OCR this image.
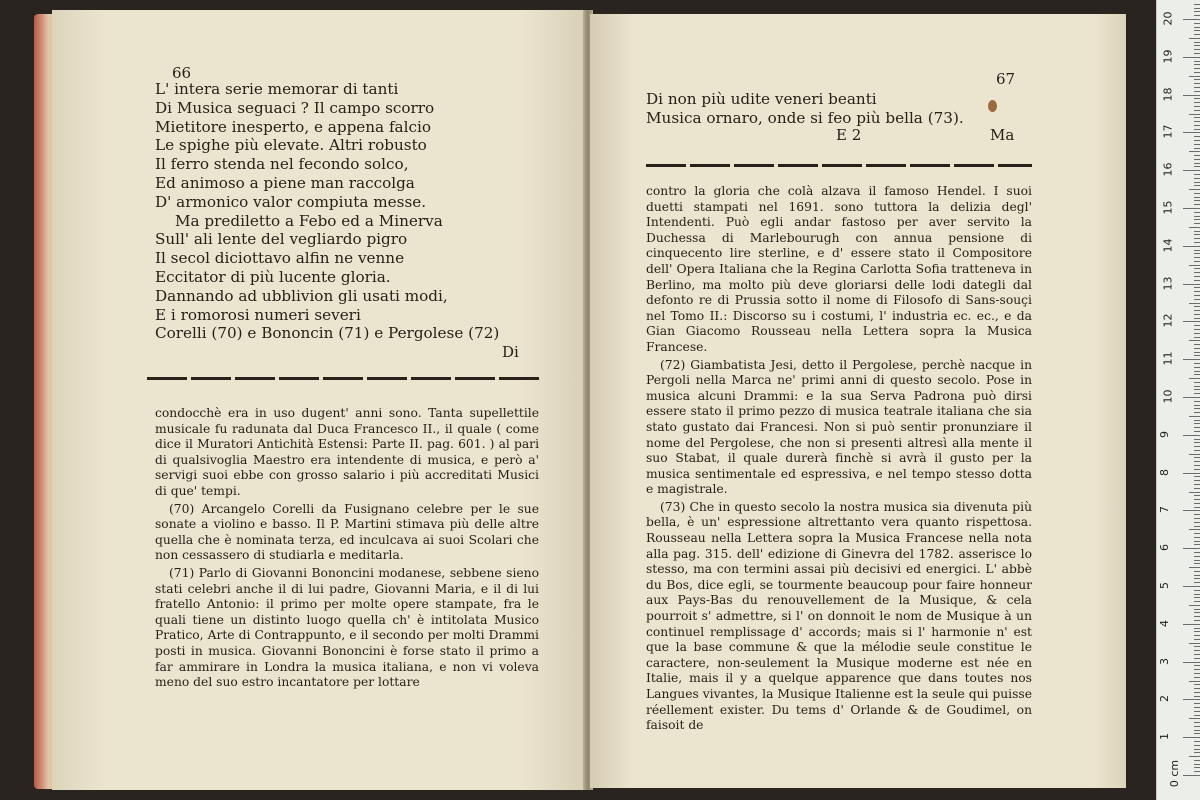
66
L' intera serie memorar di tanti
Di Musica seguaci ? Il campo scorro
Mietitore inesperto, e appena falcio
Le spighe più elevate. Altri robusto
Il ferro stenda nel fecondo solco,
Ed animoso a piene man raccolga
D' armonico valor compiuta messe.
Ma prediletto a Febo ed a Minerva
Sull' ali lente del vegliardo pigro
Il secol diciottavo alfin ne venne
Eccitator di più lucente gloria.
Dannando ad ubblivion gli usati modi,
E i romorosi numeri severi
Corelli (70) e Bononcin (71) e Pergolese (72)
Di

condocchè era in uso dugent' anni sono. Tanta supellettile musicale fu radunata dal Duca Francesco II., il quale ( come dice il Muratori Antichità Estensi: Parte II. pag. 601. ) al pari di qualsivoglia Maestro era intendente di musica, e però a' servigi suoi ebbe con grosso salario i più accreditati Musici di que' tempi.

(70) Arcangelo Corelli da Fusignano celebre per le sue sonate a violino e basso. Il P. Martini stimava più delle altre quella che è nominata terza, ed inculcava ai suoi Scolari che non cessassero di studiarla e meditarla.

(71) Parlo di Giovanni Bononcini modanese, sebbene sieno stati celebri anche il di lui padre, Giovanni Maria, e il di lui fratello Antonio: il primo per molte opere stampate, fra le quali tiene un distinto luogo quella ch' è intitolata Musico Pratico, Arte di Contrappunto, e il secondo per molti Drammi posti in musica. Giovanni Bononcini è forse stato il primo a far ammirare in Londra la musica italiana, e non vi voleva meno del suo estro incantatore per lottare

67
Di non più udite veneri beanti
Musica ornaro, onde si feo più bella (73).
E 2	Ma

contro la gloria che colà alzava il famoso Hendel. I suoi duetti stampati nel 1691. sono tuttora la delizia degl' Intendenti. Può egli andar fastoso per aver servito la Duchessa di Marlebourugh con annua pensione di cinquecento lire sterline, e d' essere stato il Compositore dell' Opera Italiana che la Regina Carlotta Sofia tratteneva in Berlino, ma molto più deve gloriarsi delle lodi dategli dal defonto re di Prussia sotto il nome di Filosofo di Sans-souçi nel Tomo II.: Discorso su i costumi, l' industria ec. ec., e da Gian Giacomo Rousseau nella Lettera sopra la Musica Francese.

(72) Giambatista Jesi, detto il Pergolese, perchè nacque in Pergoli nella Marca ne' primi anni di questo secolo. Pose in musica alcuni Drammi: e la sua Serva Padrona può dirsi essere stato il primo pezzo di musica teatrale italiana che sia stato gustato dai Francesi. Non si può sentir pronunziare il nome del Pergolese, che non si presenti altresì alla mente il suo Stabat, il quale durerà finchè si avrà il gusto per la musica sentimentale ed espressiva, e nel tempo stesso dotta e magistrale.

(73) Che in questo secolo la nostra musica sia divenuta più bella, è un' espressione altrettanto vera quanto rispettosa. Rousseau nella Lettera sopra la Musica Francese nella nota alla pag. 315. dell' edizione di Ginevra del 1782. asserisce lo stesso, ma con termini assai più decisivi ed energici. L' abbè du Bos, dice egli, se tourmente beaucoup pour faire honneur aux Pays-Bas du renouvellement de la Musique, & cela pourroit s' admettre, si l' on donnoit le nom de Musique à un continuel remplissage d' accords; mais si l' harmonie n' est que la base commune & que la mélodie seule constitue le caractere, non-seulement la Musique moderne est née en Italie, mais il y a quelque apparence que dans toutes nos Langues vivantes, la Musique Italienne est la seule qui puisse réellement exister. Du tems d' Orlande & de Goudimel, on faisoit de

0 cm
1
2
3
4
5
6
7
8
9
10
11
12
13
14
15
16
17
18
19
20
